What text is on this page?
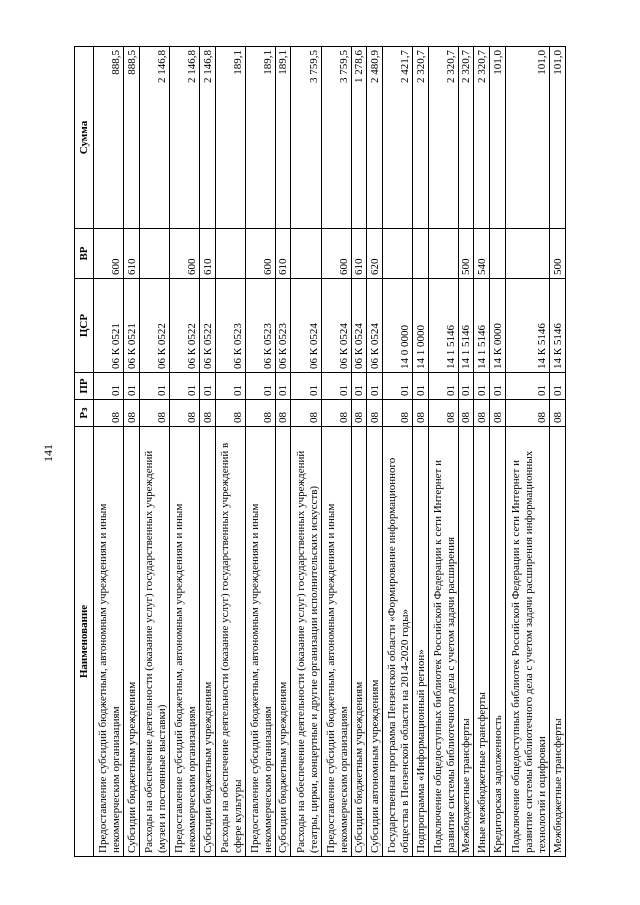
141
Наименование	Рз	ПР	ЦСР	ВР	Сумма
Предоставление субсидий бюджетным, автономным учреждениям и иным некоммерческим организациям	08	01	06 К 0521	600	888,5
Субсидии бюджетным учреждениям	08	01	06 К 0521	610	888,5
Расходы на обеспечение деятельности (оказание услуг) государственных учреждений (музеи и постоянные выставки)	08	01	06 К 0522		2 146,8
Предоставление субсидий бюджетным, автономным учреждениям и иным некоммерческим организациям	08	01	06 К 0522	600	2 146,8
Субсидии бюджетным учреждениям	08	01	06 К 0522	610	2 146,8
Расходы на обеспечение деятельности (оказание услуг) государственных учреждений в сфере культуры	08	01	06 К 0523		189,1
Предоставление субсидий бюджетным, автономным учреждениям и иным некоммерческим организациям	08	01	06 К 0523	600	189,1
Субсидии бюджетным учреждениям	08	01	06 К 0523	610	189,1
Расходы на обеспечение деятельности (оказание услуг) государственных учреждений (театры, цирки, концертные и другие организации исполнительских искусств)	08	01	06 К 0524		3 759,5
Предоставление субсидий бюджетным, автономным учреждениям и иным некоммерческим организациям	08	01	06 К 0524	600	3 759,5
Субсидии бюджетным учреждениям	08	01	06 К 0524	610	1 278,6
Субсидии автономным учреждениям	08	01	06 К 0524	620	2 480,9
Государственная программа Пензенской области «Формирование информационного общества в Пензенской области на 2014-2020 годы»	08	01	14 0 0000		2 421,7
Подпрограмма «Информационный регион»	08	01	14 1 0000		2 320,7
Подключение общедоступных библиотек Российской Федерации к сети Интернет и развитие системы библиотечного дела с учетом задачи расширения	08	01	14 1 5146		2 320,7
Межбюджетные трансферты	08	01	14 1 5146	500	2 320,7
Иные межбюджетные трансферты	08	01	14 1 5146	540	2 320,7
Кредиторская задолженность	08	01	14 К 0000		101,0
Подключение общедоступных библиотек Российской Федерации к сети Интернет и развитие системы библиотечного дела с учетом задачи расширения информационных технологий и оцифровки	08	01	14 К 5146		101,0
Межбюджетные трансферты	08	01	14 К 5146	500	101,0
